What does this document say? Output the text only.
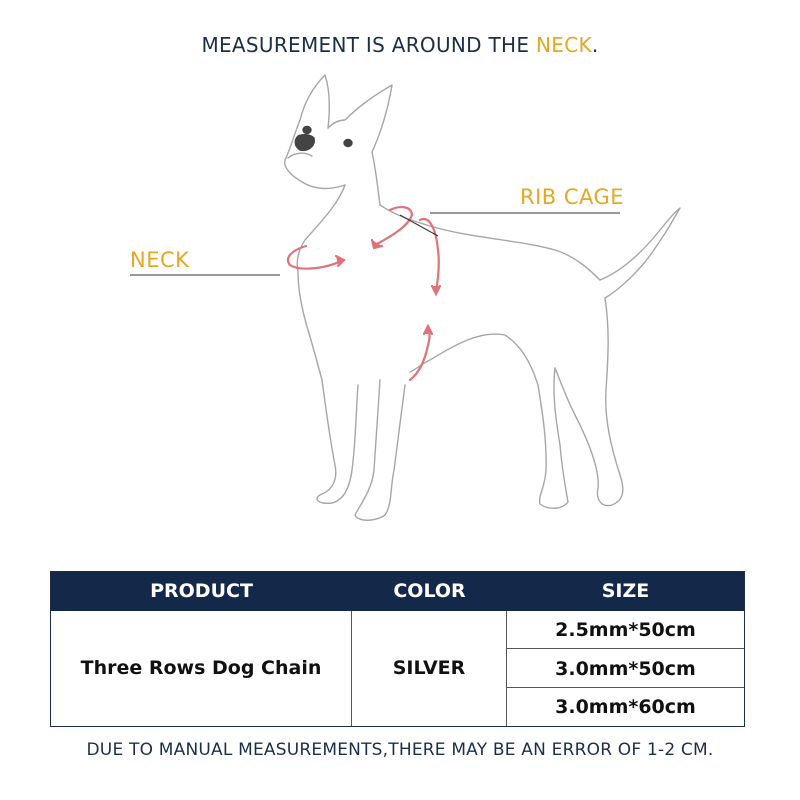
MEASUREMENT IS AROUND THE NECK.
RIB CAGE
NECK
PRODUCT	COLOR	SIZE
Three Rows Dog Chain	SILVER
2.5mm*50cm
3.0mm*50cm
3.0mm*60cm
DUE TO MANUAL MEASUREMENTS,THERE MAY BE AN ERROR OF 1-2 CM.
